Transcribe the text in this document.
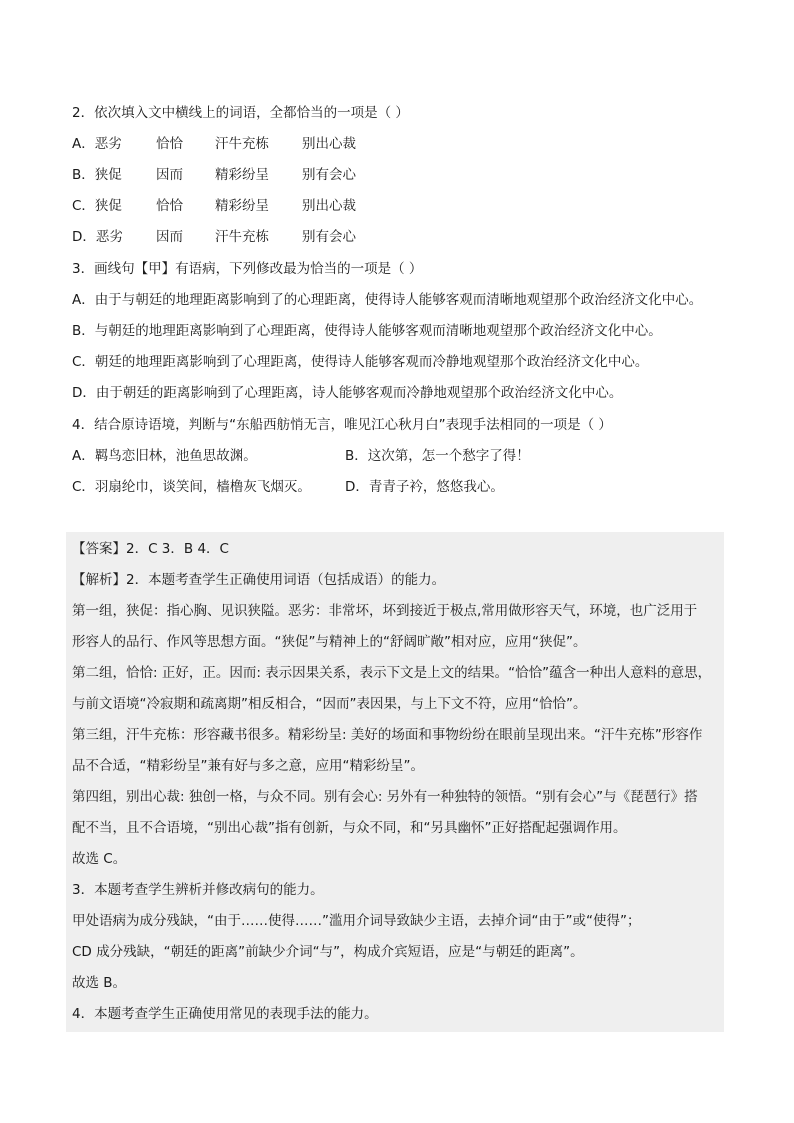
2．依次填入文中横线上的词语，全都恰当的一项是（ ）
A．恶劣	恰恰 汗牛充栋 别出心裁
B．狭促	因而 精彩纷呈 别有会心
C．狭促	恰恰 精彩纷呈 别出心裁
D．恶劣 因而 汗牛充栋 别有会心
3．画线句【甲】有语病，下列修改最为恰当的一项是（ ）
A．由于与朝廷的地理距离影响到了的心理距离，使得诗人能够客观而清晰地观望那个政治经济文化中心。
B．与朝廷的地理距离影响到了心理距离，使得诗人能够客观而清晰地观望那个政治经济文化中心。
C．朝廷的地理距离影响到了心理距离，使得诗人能够客观而冷静地观望那个政治经济文化中心。
D．由于朝廷的距离影响到了心理距离，诗人能够客观而冷静地观望那个政治经济文化中心。
4．结合原诗语境，判断与“东船西舫悄无言，唯见江心秋月白”表现手法相同的一项是（ ）
A．羁鸟恋旧林，池鱼思故渊。	B．这次第，怎一个愁字了得！
C．羽扇纶巾，谈笑间，樯橹灰飞烟灭。	D．青青子衿，悠悠我心。
【答案】2．C 3．B 4．C
【解析】2．本题考查学生正确使用词语（包括成语）的能力。
第一组，狭促：指心胸、见识狭隘。恶劣：非常坏，坏到接近于极点,常用做形容天气，环境，也广泛用于
形容人的品行、作风等思想方面。“狭促”与精神上的“舒阔旷敞”相对应，应用“狭促”。
第二组，恰恰: 正好，正。因而: 表示因果关系，表示下文是上文的结果。“恰恰”蕴含一种出人意料的意思，
与前文语境“冷寂期和疏离期”相反相合，“因而”表因果，与上下文不符，应用“恰恰”。
第三组，汗牛充栋：形容藏书很多。精彩纷呈: 美好的场面和事物纷纷在眼前呈现出来。“汗牛充栋”形容作
品不合适，“精彩纷呈”兼有好与多之意，应用“精彩纷呈”。
第四组，别出心裁: 独创一格，与众不同。别有会心: 另外有一种独特的领悟。“别有会心”与《琵琶行》搭
配不当，且不合语境，“别出心裁”指有创新，与众不同，和“另具幽怀”正好搭配起强调作用。
故选 C。
3．本题考查学生辨析并修改病句的能力。
甲处语病为成分残缺，“由于……使得……”滥用介词导致缺少主语，去掉介词“由于”或“使得”；
CD 成分残缺，“朝廷的距离”前缺少介词“与”，构成介宾短语，应是“与朝廷的距离”。
故选 B。
4．本题考查学生正确使用常见的表现手法的能力。
